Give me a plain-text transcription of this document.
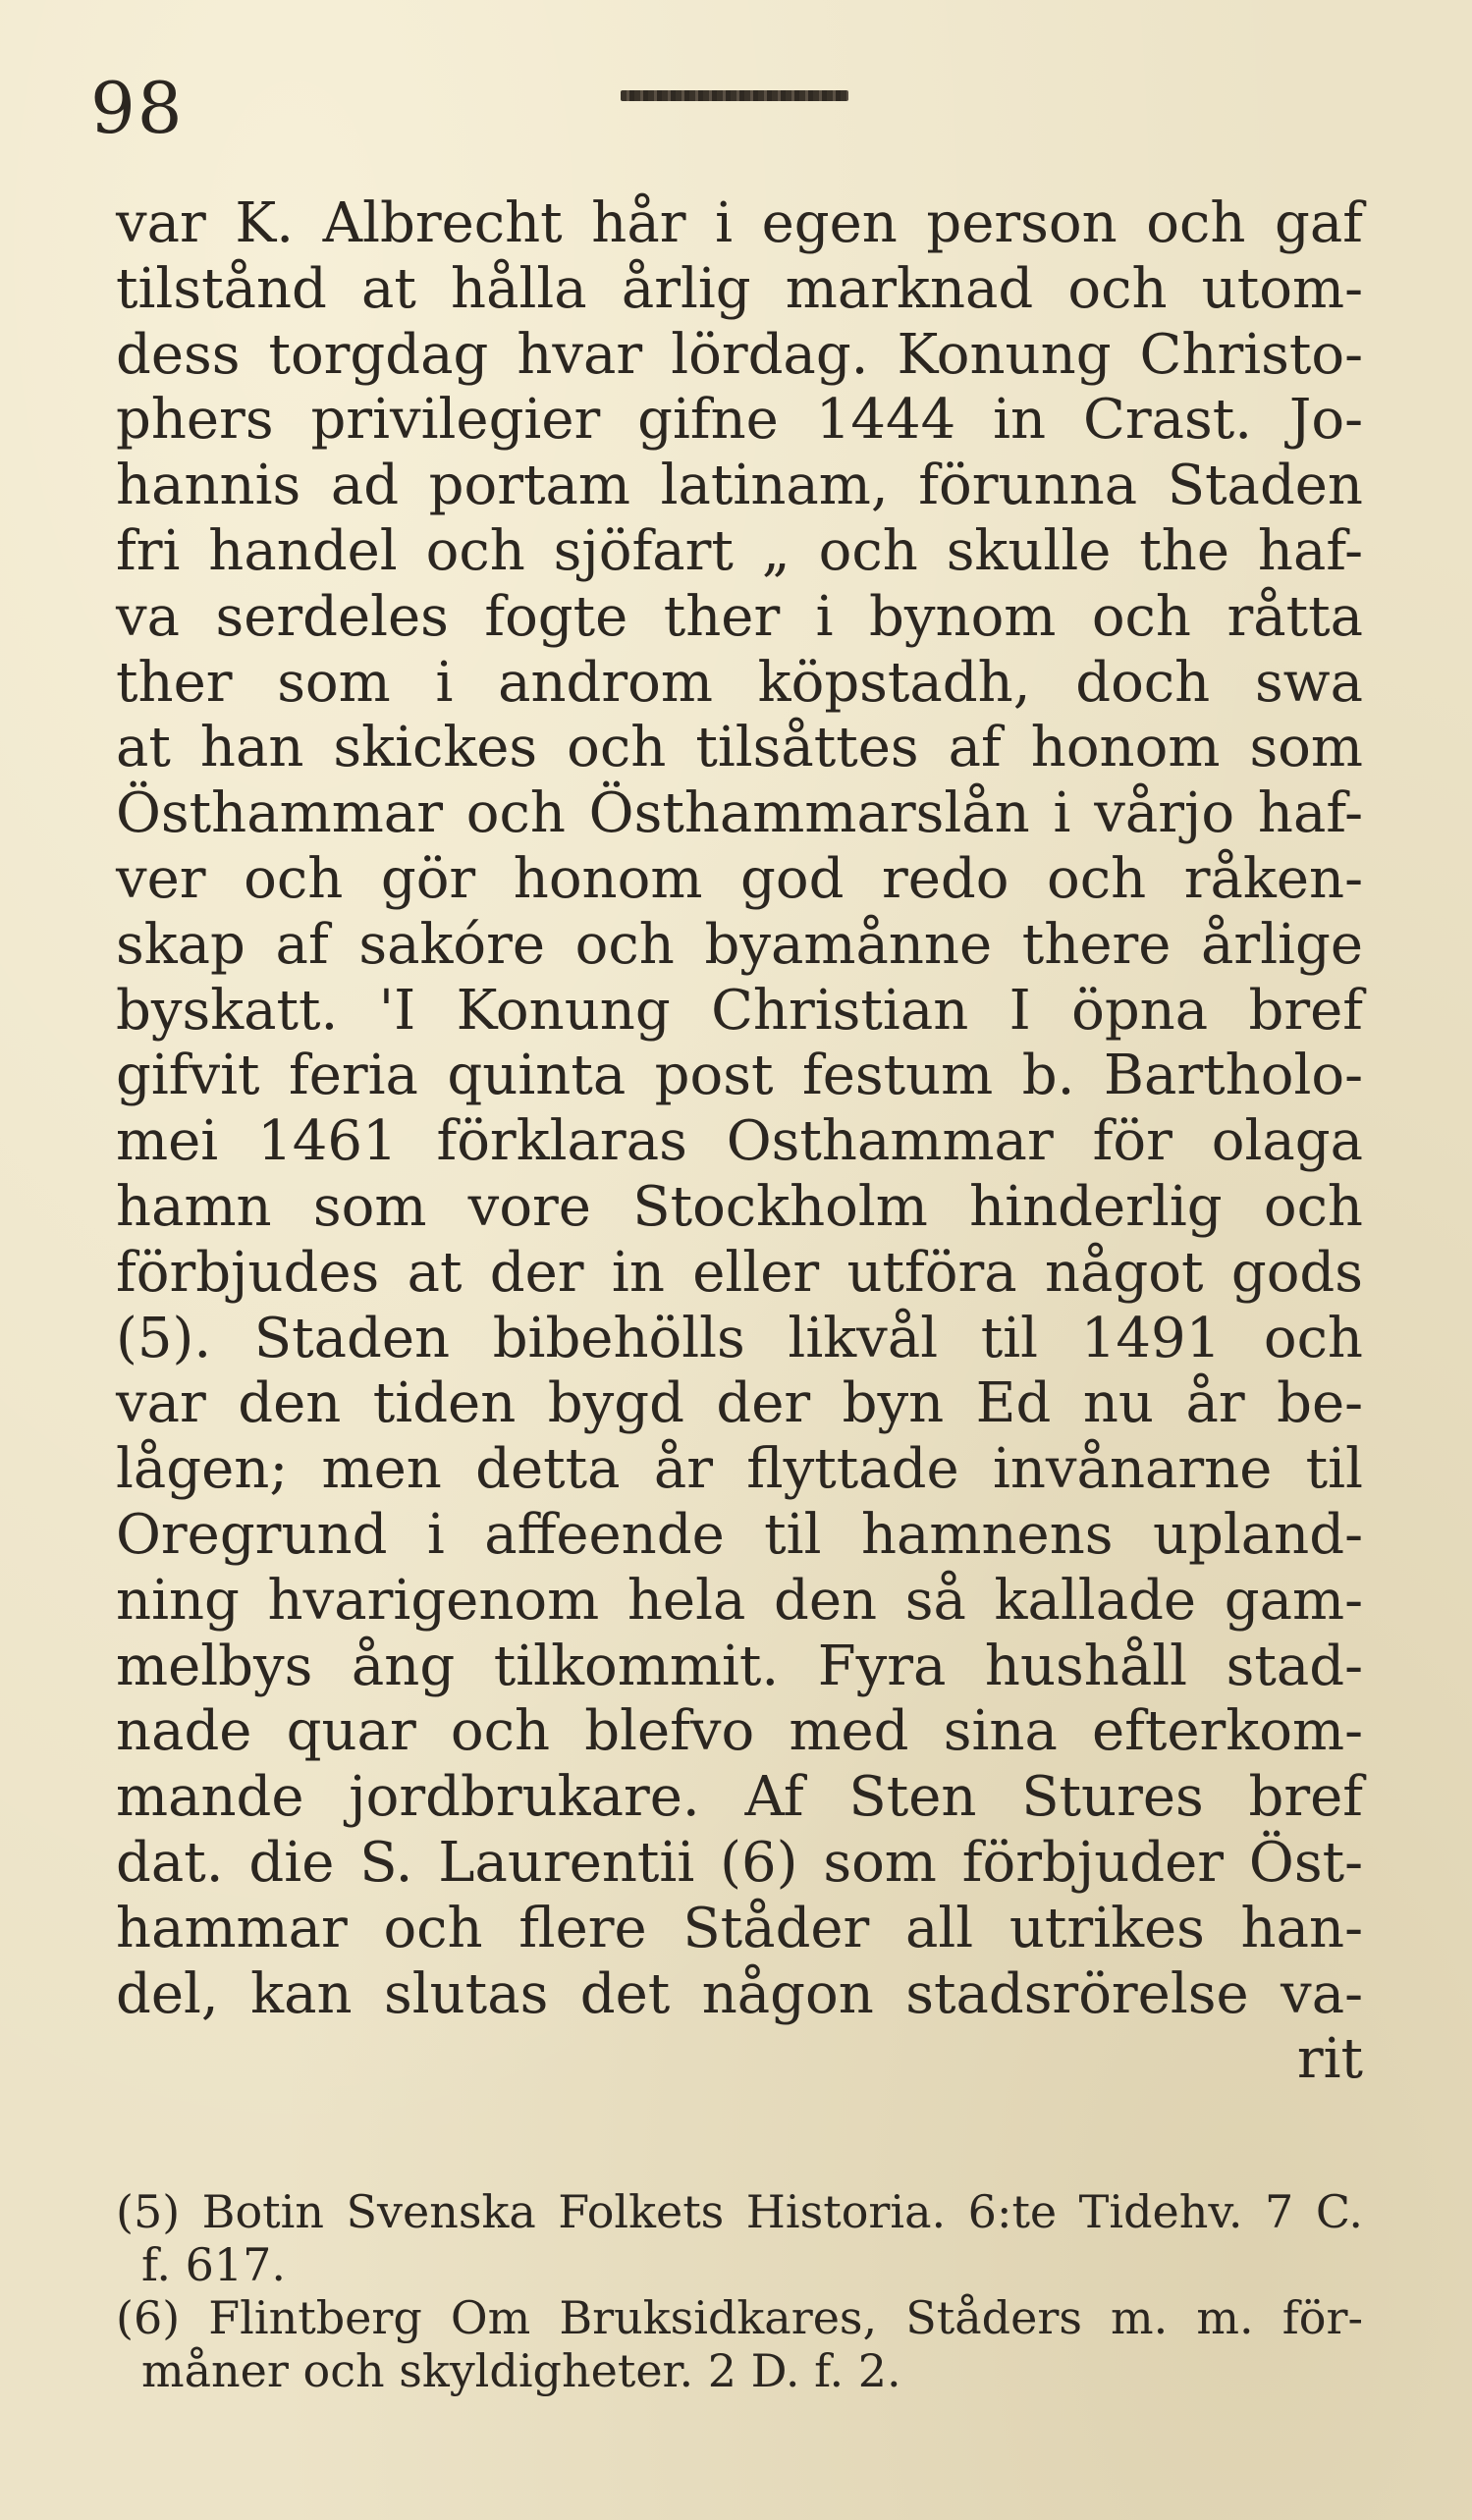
98
var K. Albrecht hår i egen person och gaf
tilstånd at hålla årlig marknad och utom-
dess torgdag hvar lördag. Konung Christo-
phers privilegier gifne 1444 in Crast. Jo-
hannis ad portam latinam, förunna Staden
fri handel och sjöfart „ och skulle the haf-
va serdeles fogte ther i bynom och råtta
ther som i androm köpstadh, doch swa
at han skickes och tilsåttes af honom som
Östhammar och Östhammarslån i vårjo haf-
ver och gör honom god redo och råken-
skap af sakóre och byamånne there årlige
byskatt. 'I Konung Christian I öpna bref
gifvit feria quinta post festum b. Bartholo-
mei 1461 förklaras Osthammar för olaga
hamn som vore Stockholm hinderlig och
förbjudes at der in eller utföra något gods
(5). Staden bibehölls likvål til 1491 och
var den tiden bygd der byn Ed nu år be-
lågen; men detta år flyttade invånarne til
Oregrund i affeende til hamnens upland-
ning hvarigenom hela den så kallade gam-
melbys ång tilkommit. Fyra hushåll stad-
nade quar och blefvo med sina efterkom-
mande jordbrukare. Af Sten Stures bref
dat. die S. Laurentii (6) som förbjuder Öst-
hammar och flere Ståder all utrikes han-
del, kan slutas det någon stadsrörelse va-
rit
(5) Botin Svenska Folkets Historia. 6:te Tidehv. 7 C.
f. 617.
(6) Flintberg Om Bruksidkares, Ståders m. m. för-
måner och skyldigheter. 2 D. f. 2.
